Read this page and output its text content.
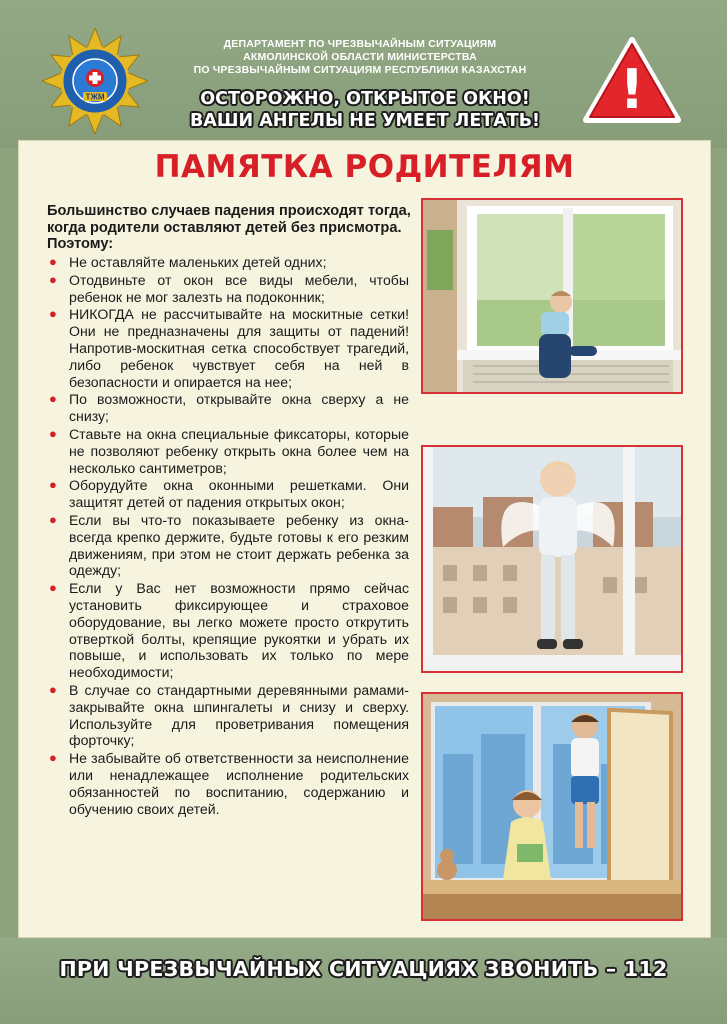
ТЖМ
ДЕПАРТАМЕНТ ПО ЧРЕЗВЫЧАЙНЫМ СИТУАЦИЯМ
АКМОЛИНСКОЙ ОБЛАСТИ МИНИСТЕРСТВА
ПО ЧРЕЗВЫЧАЙНЫМ СИТУАЦИЯМ РЕСПУБЛИКИ КАЗАХСТАН
ОСТОРОЖНО, ОТКРЫТОЕ ОКНО!
ВАШИ АНГЕЛЫ НЕ УМЕЕТ ЛЕТАТЬ!	!
ПАМЯТКА РОДИТЕЛЯМ
Большинство случаев падения происходят тогда, когда родители оставляют детей без присмотра. Поэтому:
● Не оставляйте маленьких детей одних;
● Отодвиньте от окон все виды мебели, чтобы ребенок не мог залезть на подоконник;
● НИКОГДА не рассчитывайте на москитные сетки! Они не предназначены для защиты от падений! Напротив-москитная сетка способствует трагедий, либо ребенок чувствует себя на ней в безопасности и опирается на нее;
● По возможности, открывайте окна сверху а не снизу;
● Ставьте на окна специальные фиксаторы, которые не позволяют ребенку открыть окна более чем на несколько сантиметров;
● Оборудуйте окна оконными решетками. Они защитят детей от падения открытых окон;
● Если вы что-то показываете ребенку из окна-всегда крепко держите, будьте готовы к его резким движениям, при этом не стоит держать ребенка за одежду;
● Если у Вас нет возможности прямо сейчас установить фиксирующее и страховое оборудование, вы легко можете просто открутить отверткой болты, крепящие рукоятки и убрать их повыше, и использовать их только по мере необходимости;
● В случае со стандартными деревянными рамами-закрывайте окна шпингалеты и снизу и сверху. Используйте для проветривания помещения форточку;
● Не забывайте об ответственности за неисполнение или ненадлежащее исполнение родительских обязанностей по воспитанию, содержанию и обучению своих детей.
ПРИ ЧРЕЗВЫЧАЙНЫХ СИТУАЦИЯХ ЗВОНИТЬ – 112
